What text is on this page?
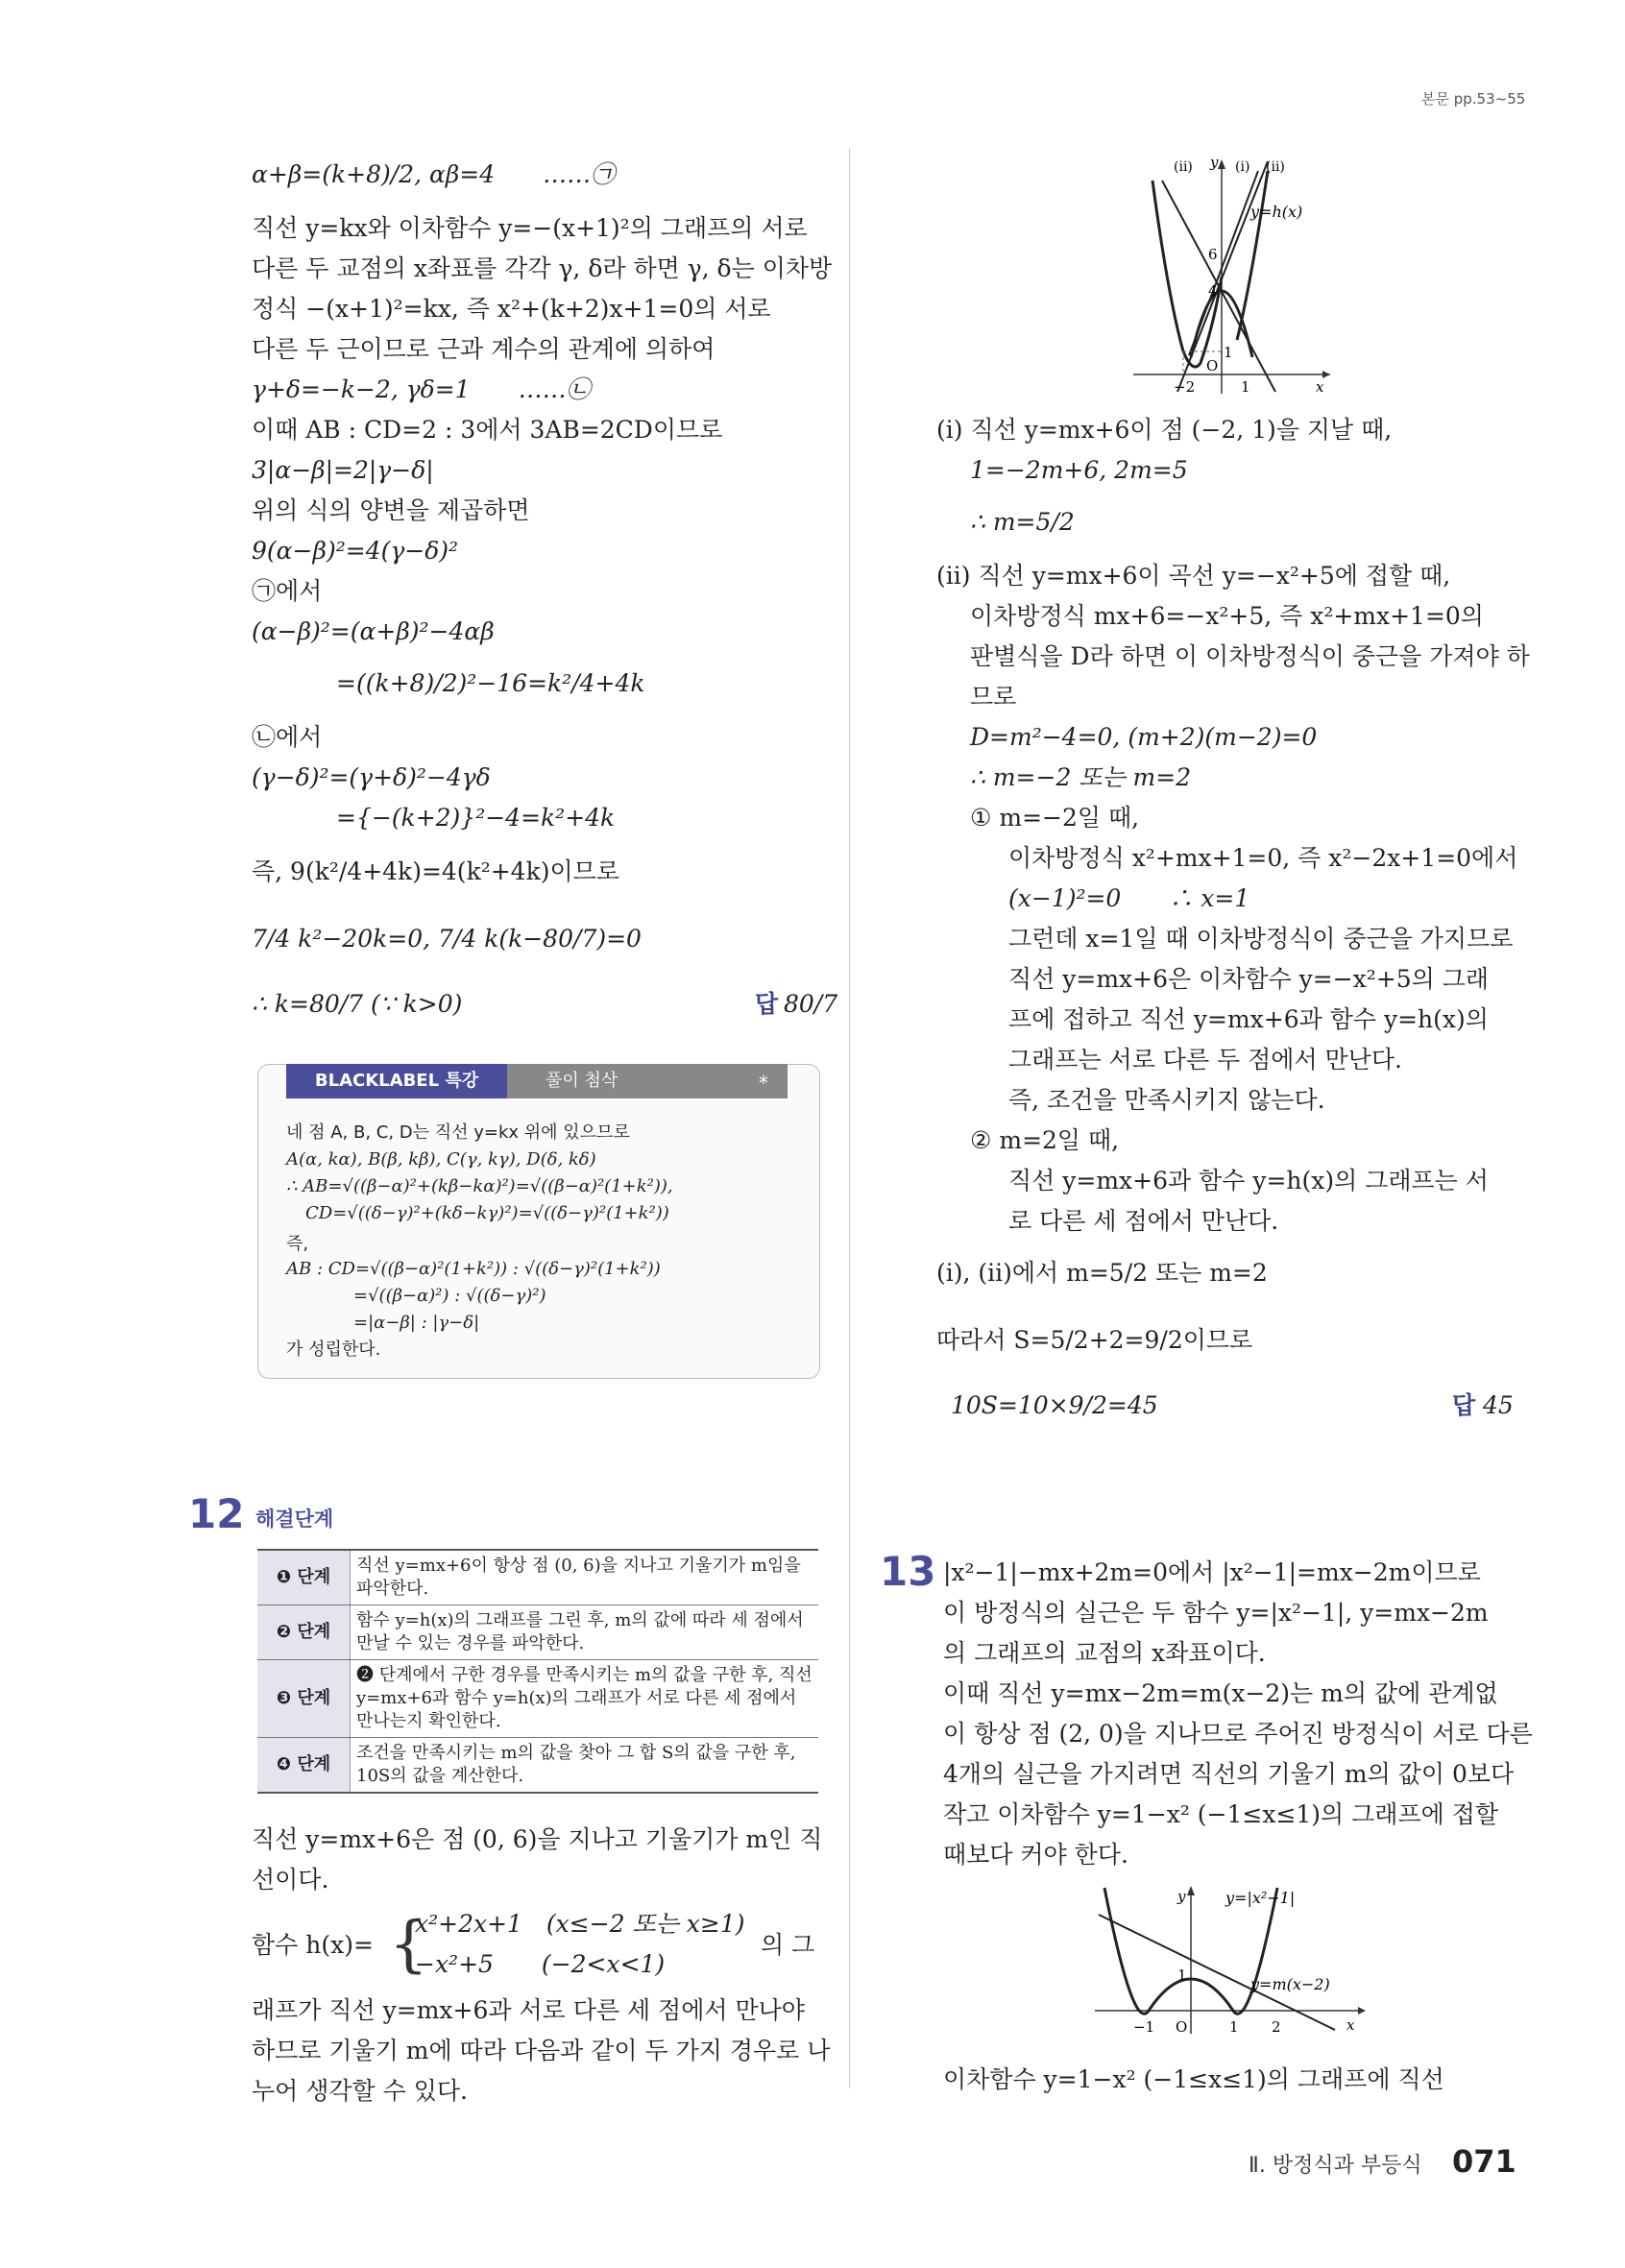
본문 pp.53~55
α+β=(k+8)/2, αβ=4　　……㉠
직선 y=kx와 이차함수 y=−(x+1)²의 그래프의 서로
다른 두 교점의 x좌표를 각각 γ, δ라 하면 γ, δ는 이차방
정식 −(x+1)²=kx, 즉 x²+(k+2)x+1=0의 서로
다른 두 근이므로 근과 계수의 관계에 의하여
γ+δ=−k−2, γδ=1　　……㉡
이때 AB : CD=2 : 3에서 3AB=2CD이므로
3|α−β|=2|γ−δ|
위의 식의 양변을 제곱하면
9(α−β)²=4(γ−δ)²
㉠에서
(α−β)²=(α+β)²−4αβ
=((k+8)/2)²−16=k²/4+4k
㉡에서
(γ−δ)²=(γ+δ)²−4γδ
={−(k+2)}²−4=k²+4k
즉, 9(k²/4+4k)=4(k²+4k)이므로
7/4 k²−20k=0, 7/4 k(k−80/7)=0
∴ k=80/7 (∵ k>0)	답 80/7
BLACKLABEL 특강	풀이 첨삭	*
네 점 A, B, C, D는 직선 y=kx 위에 있으므로
A(α, kα), B(β, kβ), C(γ, kγ), D(δ, kδ)
∴ AB=√((β−α)²+(kβ−kα)²)=√((β−α)²(1+k²)),
CD=√((δ−γ)²+(kδ−kγ)²)=√((δ−γ)²(1+k²))
즉,
AB : CD=√((β−α)²(1+k²)) : √((δ−γ)²(1+k²))
=√((β−α)²) : √((δ−γ)²)
=|α−β| : |γ−δ|
가 성립한다.
12 해결단계
❶ 단계	직선 y=mx+6이 항상 점 (0, 6)을 지나고 기울기가 m임을 파악한다.
❷ 단계	함수 y=h(x)의 그래프를 그린 후, m의 값에 따라 세 점에서 만날 수 있는 경우를 파악한다.
❸ 단계	❷ 단계에서 구한 경우를 만족시키는 m의 값을 구한 후, 직선 y=mx+6과 함수 y=h(x)의 그래프가 서로 다른 세 점에서 만나는지 확인한다.
❹ 단계	조건을 만족시키는 m의 값을 찾아 그 합 S의 값을 구한 후, 10S의 값을 계산한다.
직선 y=mx+6은 점 (0, 6)을 지나고 기울기가 m인 직
선이다.
함수 h(x)= {
x²+2x+1　(x≤−2 또는 x≥1)
−x²+5　　(−2<x<1)
의 그
래프가 직선 y=mx+6과 서로 다른 세 점에서 만나야
하므로 기울기 m에 따라 다음과 같이 두 가지 경우로 나
누어 생각할 수 있다.
(ii) y (i) (ii)
y=h(x)
6
4
1
O
−2	1	x
(i) 직선 y=mx+6이 점 (−2, 1)을 지날 때,
1=−2m+6, 2m=5
∴ m=5/2
(ii) 직선 y=mx+6이 곡선 y=−x²+5에 접할 때,
이차방정식 mx+6=−x²+5, 즉 x²+mx+1=0의
판별식을 D라 하면 이 이차방정식이 중근을 가져야 하
므로
D=m²−4=0, (m+2)(m−2)=0
∴ m=−2 또는 m=2
① m=−2일 때,
이차방정식 x²+mx+1=0, 즉 x²−2x+1=0에서
(x−1)²=0　　∴ x=1
그런데 x=1일 때 이차방정식이 중근을 가지므로
직선 y=mx+6은 이차함수 y=−x²+5의 그래
프에 접하고 직선 y=mx+6과 함수 y=h(x)의
그래프는 서로 다른 두 점에서 만난다.
즉, 조건을 만족시키지 않는다.
② m=2일 때,
직선 y=mx+6과 함수 y=h(x)의 그래프는 서
로 다른 세 점에서 만난다.
(i), (ii)에서 m=5/2 또는 m=2
따라서 S=5/2+2=9/2이므로
10S=10×9/2=45	답 45
13 |x²−1|−mx+2m=0에서 |x²−1|=mx−2m이므로
이 방정식의 실근은 두 함수 y=|x²−1|, y=mx−2m
의 그래프의 교점의 x좌표이다.
이때 직선 y=mx−2m=m(x−2)는 m의 값에 관계없
이 항상 점 (2, 0)을 지나므로 주어진 방정식이 서로 다른
4개의 실근을 가지려면 직선의 기울기 m의 값이 0보다
작고 이차함수 y=1−x² (−1≤x≤1)의 그래프에 접할
때보다 커야 한다.
이차함수 y=1−x² (−1≤x≤1)의 그래프에 직선
y	y=|x²−1|
y=m(x−2)
1
−1 O	1 2	x
Ⅱ. 방정식과 부등식 071
